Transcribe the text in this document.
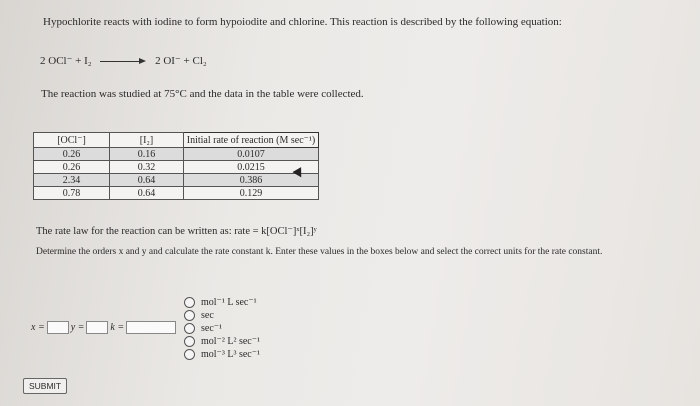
Hypochlorite reacts with iodine to form hypoiodite and chlorine. This reaction is described by the following equation:
2 OCl⁻ + I₂	2 OI⁻ + Cl₂
The reaction was studied at 75°C and the data in the table were collected.
[OCl⁻]	[I₂]	Initial rate of reaction (M sec⁻¹)
0.26	0.16	0.0107
0.26	0.32	0.0215
2.34	0.64	0.386
0.78	0.64	0.129
The rate law for the reaction can be written as: rate = k[OCl⁻]ˣ[I₂]ʸ
Determine the orders x and y and calculate the rate constant k. Enter these values in the boxes below and select the correct units for the rate constant.
x =	y =	k =
mol⁻¹ L sec⁻¹
sec
sec⁻¹
mol⁻² L² sec⁻¹
mol⁻³ L³ sec⁻¹
SUBMIT
